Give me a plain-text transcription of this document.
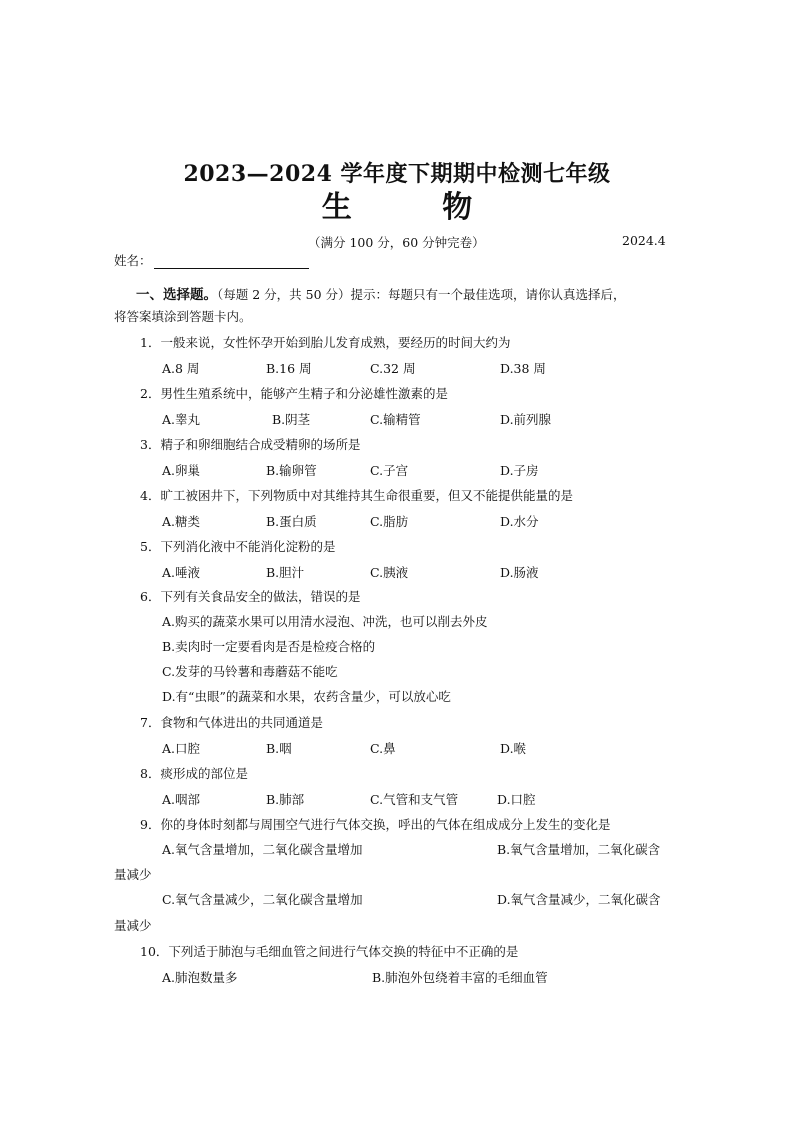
2023—2024 学年度下期期中检测七年级
生 物
（满分 100 分，60 分钟完卷）	2024.4
姓名：
一、选择题。（每题 2 分，共 50 分）提示：每题只有一个最佳选项，请你认真选择后，
将答案填涂到答题卡内。
1．一般来说，女性怀孕开始到胎儿发育成熟，要经历的时间大约为
A.8 周	B.16 周	C.32 周	D.38 周
2．男性生殖系统中，能够产生精子和分泌雄性激素的是
A.睾丸	B.阴茎	C.输精管	D.前列腺
3．精子和卵细胞结合成受精卵的场所是
A.卵巢	B.输卵管	C.子宫	D.子房
4．旷工被困井下，下列物质中对其维持其生命很重要，但又不能提供能量的是
A.糖类	B.蛋白质	C.脂肪	D.水分
5．下列消化液中不能消化淀粉的是
A.唾液	B.胆汁	C.胰液	D.肠液
6．下列有关食品安全的做法，错误的是
A.购买的蔬菜水果可以用清水浸泡、冲洗，也可以削去外皮
B.卖肉时一定要看肉是否是检疫合格的
C.发芽的马铃薯和毒蘑菇不能吃
D.有“虫眼”的蔬菜和水果，农药含量少，可以放心吃
7．食物和气体进出的共同通道是
A.口腔	B.咽	C.鼻	D.喉
8．痰形成的部位是
A.咽部	B.肺部	C.气管和支气管	D.口腔
9．你的身体时刻都与周围空气进行气体交换，呼出的气体在组成成分上发生的变化是
A.氧气含量增加，二氧化碳含量增加	B.氧气含量增加，二氧化碳含
量减少
C.氧气含量减少，二氧化碳含量增加	D.氧气含量减少，二氧化碳含
量减少
10．下列适于肺泡与毛细血管之间进行气体交换的特征中不正确的是
A.肺泡数量多	B.肺泡外包绕着丰富的毛细血管
